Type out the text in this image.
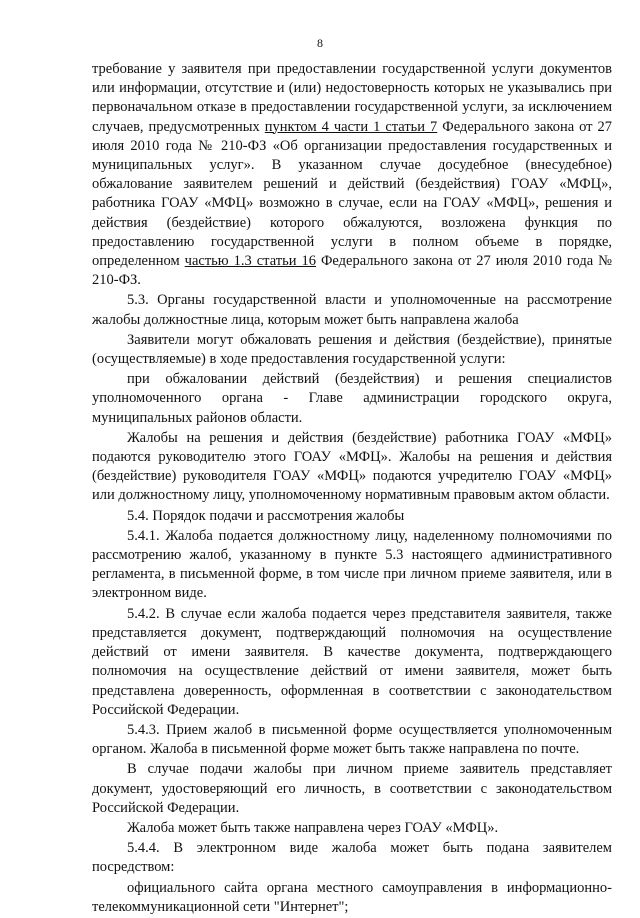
8

требование у заявителя при предоставлении государственной услуги документов или информации, отсутствие и (или) недостоверность которых не указывались при первоначальном отказе в предоставлении государственной услуги, за исключением случаев, предусмотренных пунктом 4 части 1 статьи 7 Федерального закона от 27 июля 2010 года № 210-ФЗ «Об организации предоставления государственных и муниципальных услуг». В указанном случае досудебное (внесудебное) обжалование заявителем решений и действий (бездействия) ГОАУ «МФЦ», работника ГОАУ «МФЦ» возможно в случае, если на ГОАУ «МФЦ», решения и действия (бездействие) которого обжалуются, возложена функция по предоставлению государственной услуги в полном объеме в порядке, определенном частью 1.3 статьи 16 Федерального закона от 27 июля 2010 года № 210-ФЗ.

5.3. Органы государственной власти и уполномоченные на рассмотрение жалобы должностные лица, которым может быть направлена жалоба

Заявители могут обжаловать решения и действия (бездействие), принятые (осуществляемые) в ходе предоставления государственной услуги:

при обжаловании действий (бездействия) и решения специалистов уполномоченного органа - Главе администрации городского округа, муниципальных районов области.

Жалобы на решения и действия (бездействие) работника ГОАУ «МФЦ» подаются руководителю этого ГОАУ «МФЦ». Жалобы на решения и действия (бездействие) руководителя ГОАУ «МФЦ» подаются учредителю ГОАУ «МФЦ» или должностному лицу, уполномоченному нормативным правовым актом области.

5.4. Порядок подачи и рассмотрения жалобы

5.4.1. Жалоба подается должностному лицу, наделенному полномочиями по рассмотрению жалоб, указанному в пункте 5.3 настоящего административного регламента, в письменной форме, в том числе при личном приеме заявителя, или в электронном виде.

5.4.2. В случае если жалоба подается через представителя заявителя, также представляется документ, подтверждающий полномочия на осуществление действий от имени заявителя. В качестве документа, подтверждающего полномочия на осуществление действий от имени заявителя, может быть представлена доверенность, оформленная в соответствии с законодательством Российской Федерации.

5.4.3. Прием жалоб в письменной форме осуществляется уполномоченным органом. Жалоба в письменной форме может быть также направлена по почте.

В случае подачи жалобы при личном приеме заявитель представляет документ, удостоверяющий его личность, в соответствии с законодательством Российской Федерации.

Жалоба может быть также направлена через ГОАУ «МФЦ».

5.4.4. В электронном виде жалоба может быть подана заявителем посредством:

официального сайта органа местного самоуправления в информационно-телекоммуникационной сети "Интернет";
